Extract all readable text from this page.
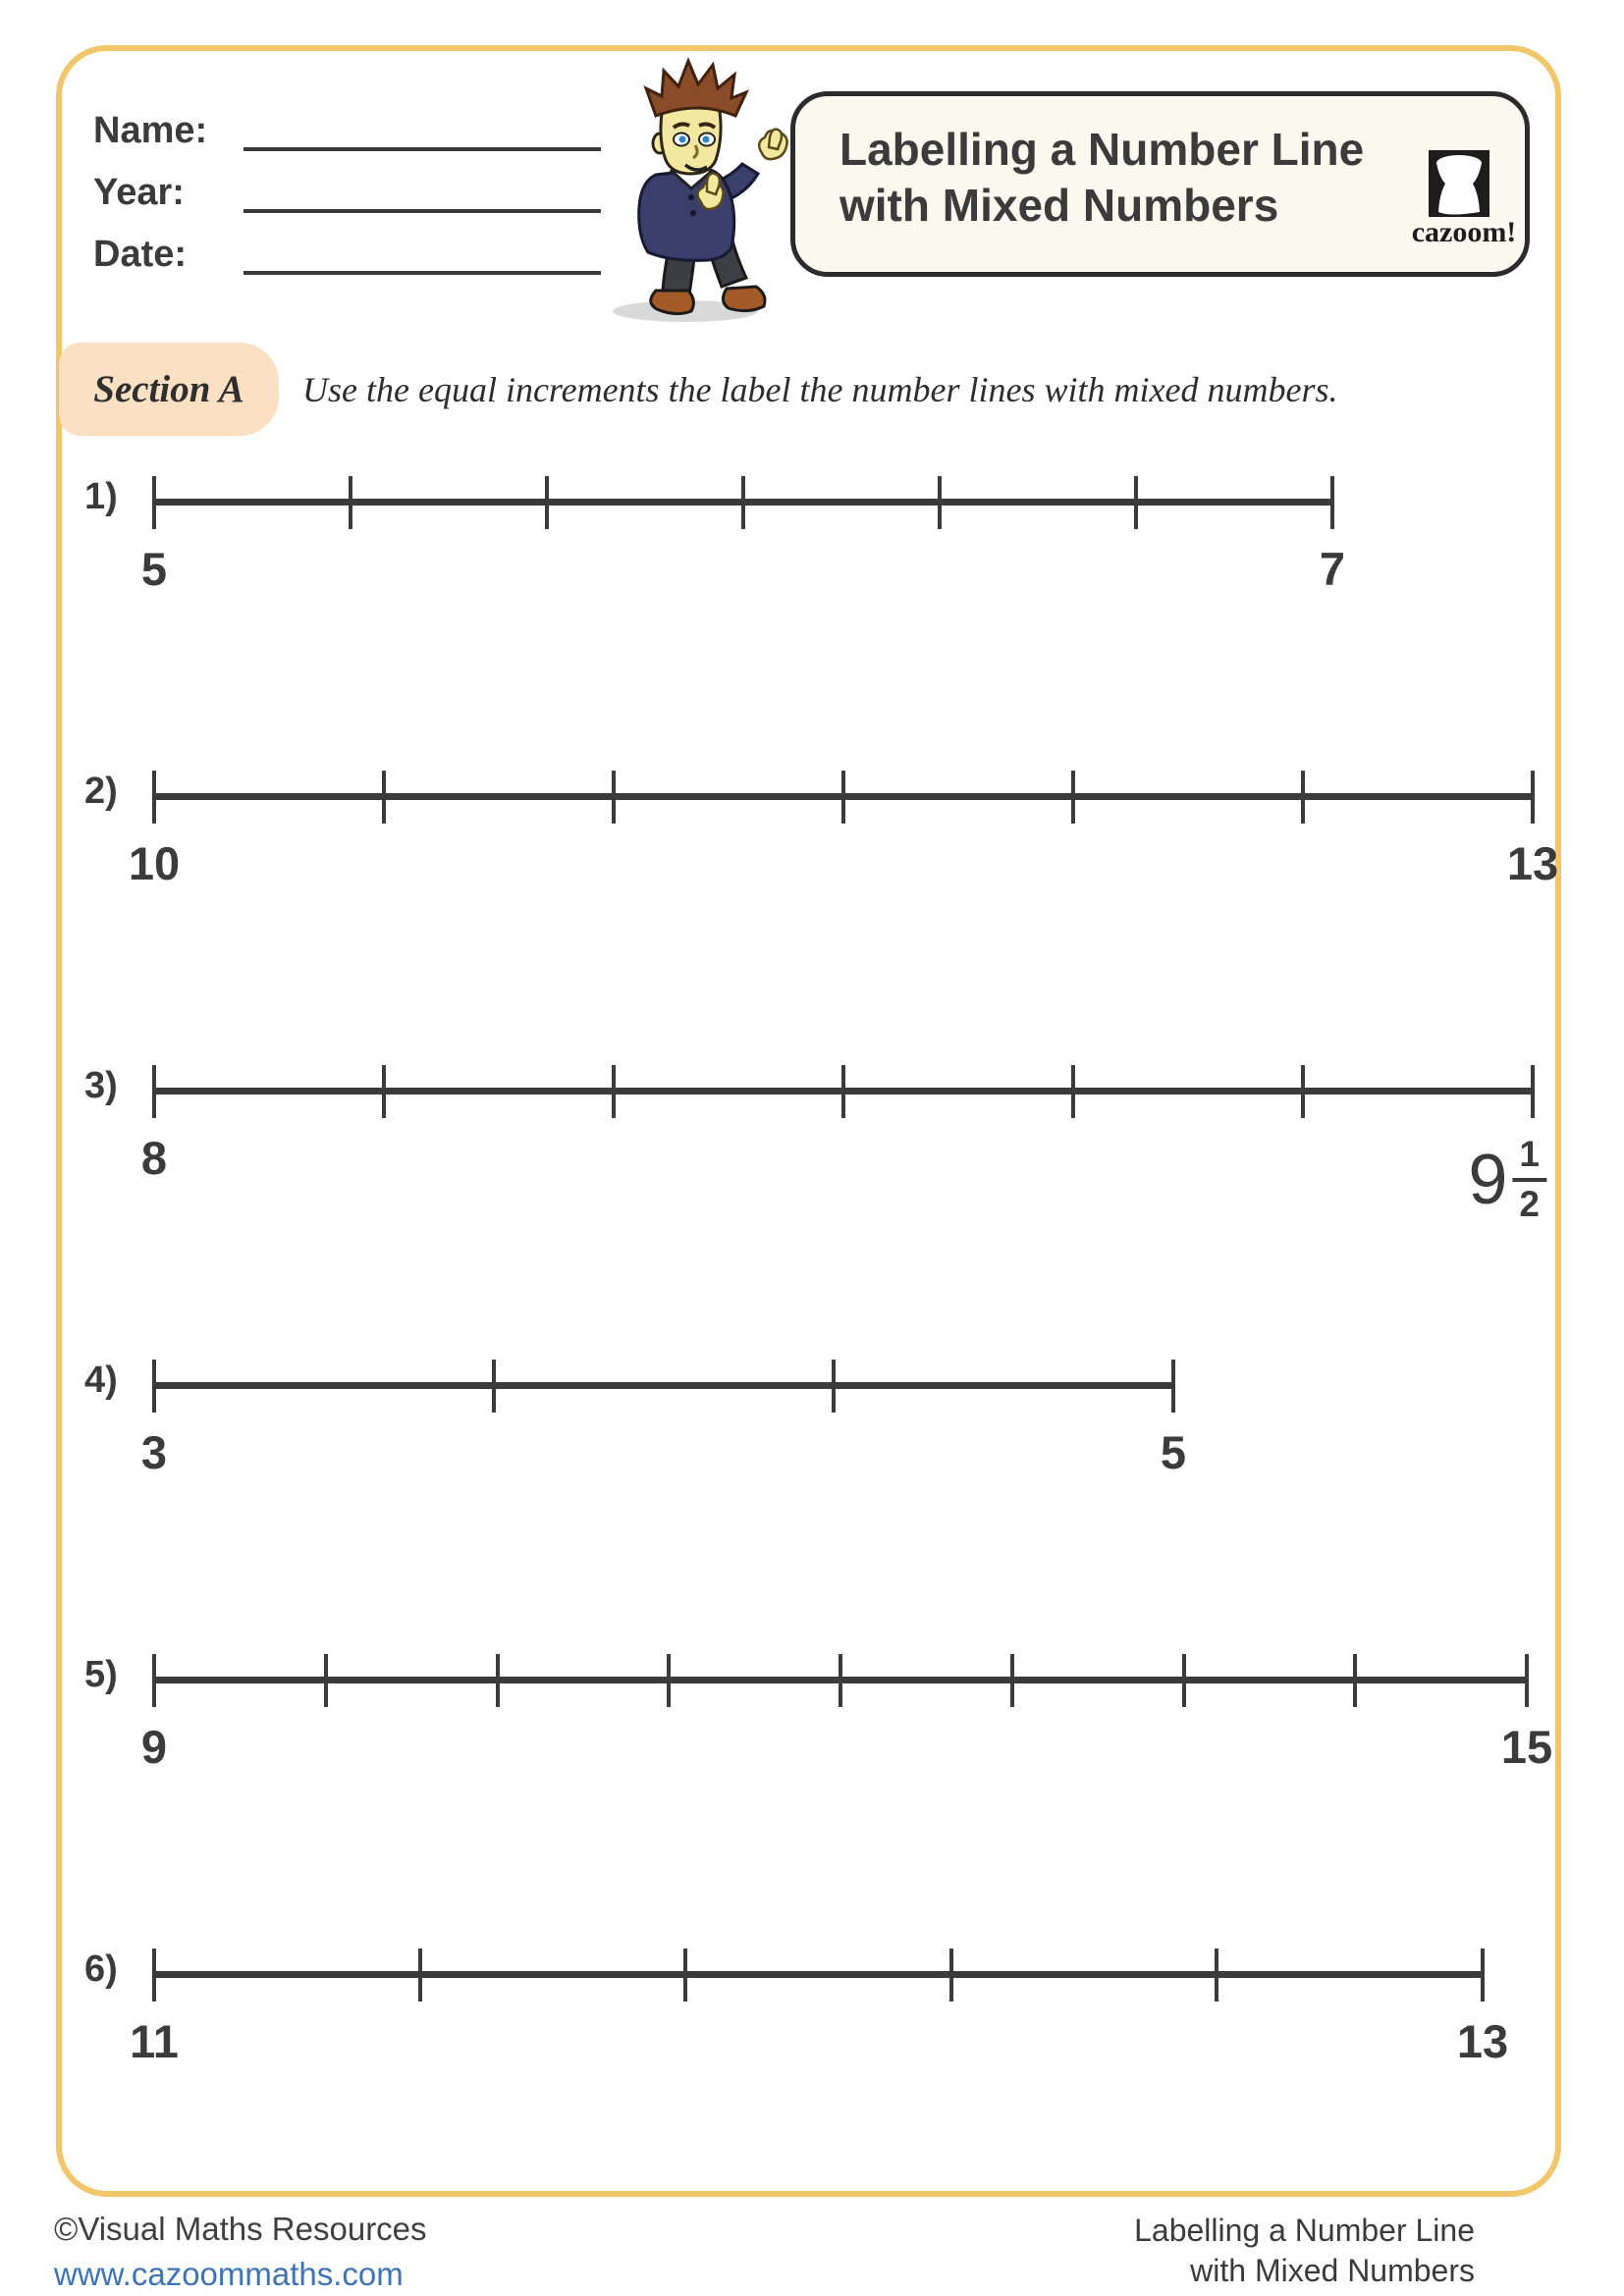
Name:
Year:
Date:
Labelling a Number Line
with Mixed Numbers
cazoom!
Section A	Use the equal increments the label the number lines with mixed numbers.
1)
5	7
2)
10	13
3)
8	$9 \frac{1}{2}$
4)
3	5
5)
9	15
6)
11	13
©Visual Maths Resources
www.cazoommaths.com
Labelling a Number Line
with Mixed Numbers
